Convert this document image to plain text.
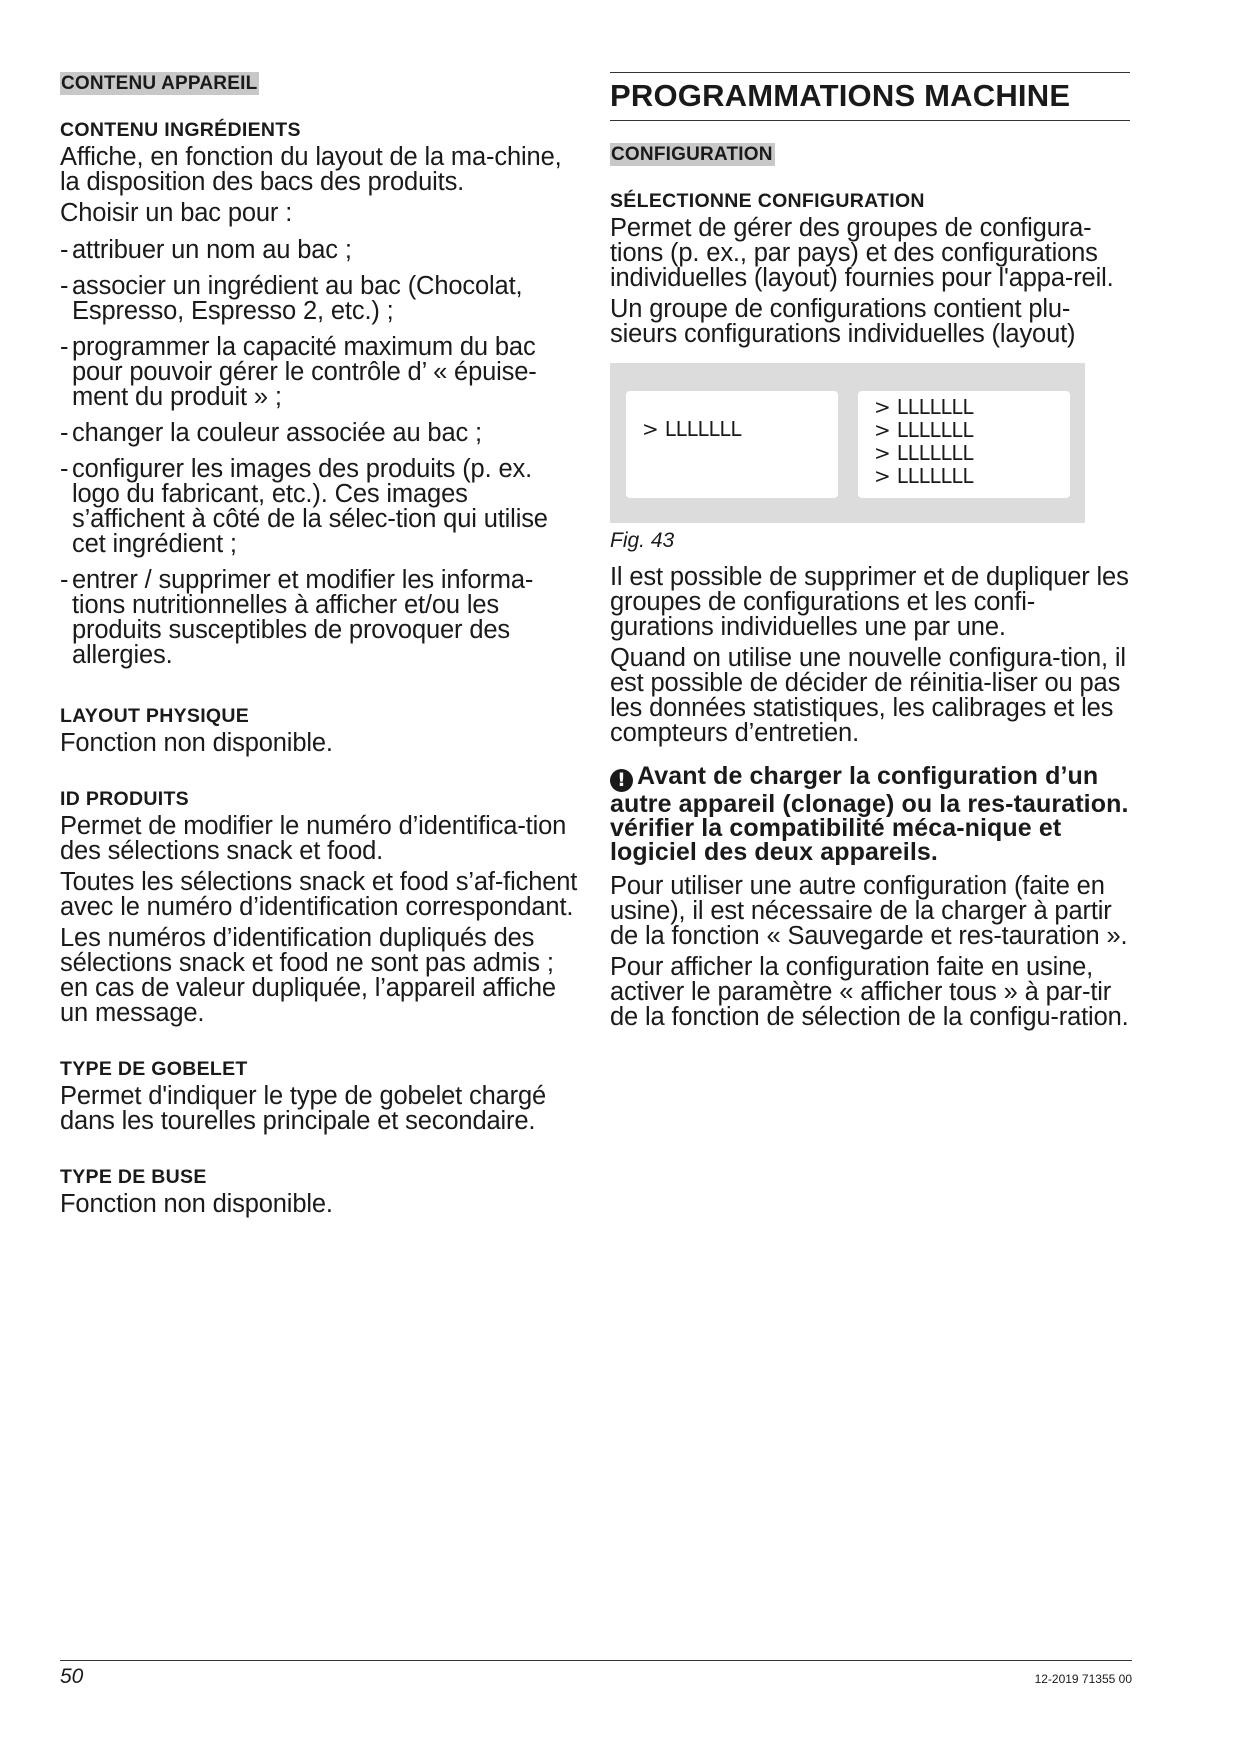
CONTENU APPAREIL
CONTENU INGRÉDIENTS

Affiche, en fonction du layout de la ma-chine, la disposition des bacs des produits.

Choisir un bac pour :

- attribuer un nom au bac ;
- associer un ingrédient au bac (Chocolat, Espresso, Espresso 2, etc.) ;
- programmer la capacité maximum du bac pour pouvoir gérer le contrôle d’ « épuise-ment du produit » ;
- changer la couleur associée au bac ;
- configurer les images des produits (p. ex. logo du fabricant, etc.). Ces images s’affichent à côté de la sélec-tion qui utilise cet ingrédient ;
- entrer / supprimer et modifier les informa-tions nutritionnelles à afficher et/ou les produits susceptibles de provoquer des allergies.
LAYOUT PHYSIQUE

Fonction non disponible.

ID PRODUITS

Permet de modifier le numéro d’identifica-tion des sélections snack et food.

Toutes les sélections snack et food s’af-fichent avec le numéro d’identification correspondant.

Les numéros d’identification dupliqués des sélections snack et food ne sont pas admis ; en cas de valeur dupliquée, l’appareil affiche un message.

TYPE DE GOBELET

Permet d'indiquer le type de gobelet chargé dans les tourelles principale et secondaire.

TYPE DE BUSE

Fonction non disponible.

PROGRAMMATIONS MACHINE
CONFIGURATION
SÉLECTIONNE CONFIGURATION

Permet de gérer des groupes de configura-tions (p. ex., par pays) et des configurations individuelles (layout) fournies pour l'appa-reil.

Un groupe de configurations contient plu-sieurs configurations individuelles (layout)

> LLLLLLL
> LLLLLLL
> LLLLLLL
> LLLLLLL
> LLLLLLL
Fig. 43

Il est possible de supprimer et de dupliquer les groupes de configurations et les confi-gurations individuelles une par une.

Quand on utilise une nouvelle configura-tion, il est possible de décider de réinitia-liser ou pas les données statistiques, les calibrages et les compteurs d’entretien.

! Avant de charger la configuration d’un autre appareil (clonage) ou la res-tauration. vérifier la compatibilité méca-nique et logiciel des deux appareils.

Pour utiliser une autre configuration (faite en usine), il est nécessaire de la charger à partir de la fonction « Sauvegarde et res-tauration ».

Pour afficher la configuration faite en usine, activer le paramètre « afficher tous » à par-tir de la fonction de sélection de la configu-ration.

50	12-2019 71355 00
